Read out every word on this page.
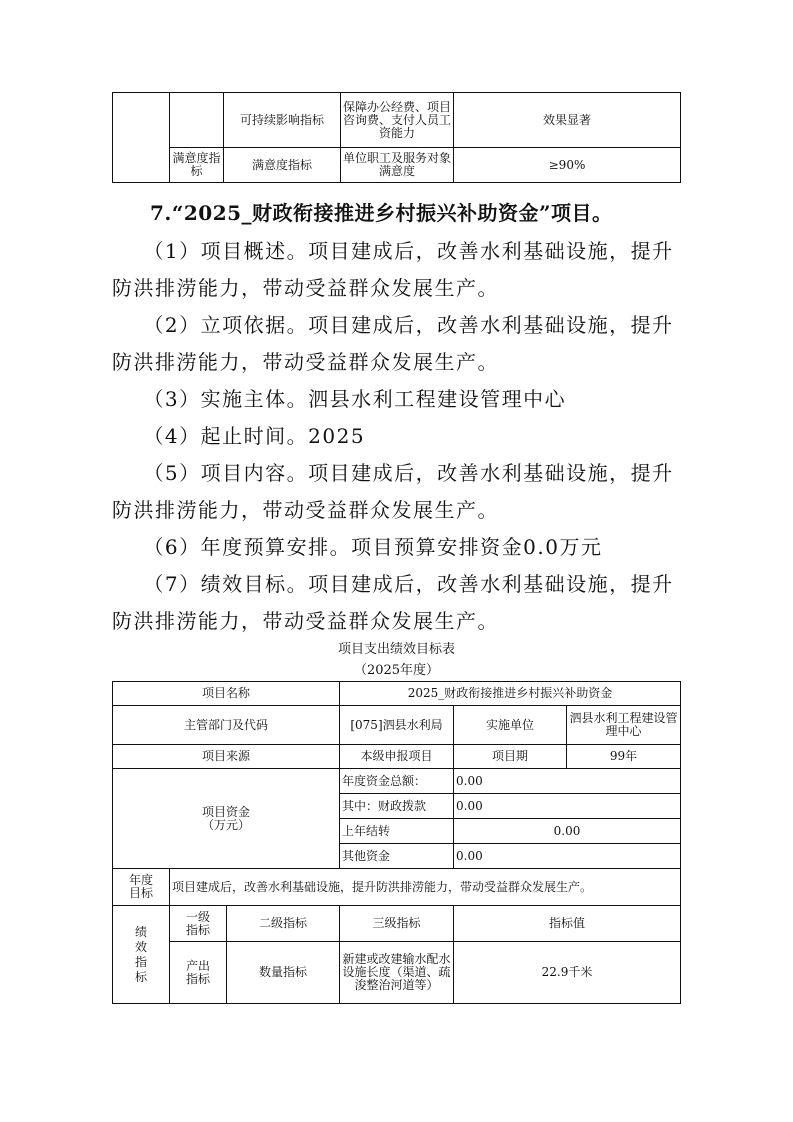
		可持续影响指标	保障办公经费、项目咨询费、支付人员工资能力	效果显著
	满意度指标	满意度指标	单位职工及服务对象满意度	≥90%
7.“2025_财政衔接推进乡村振兴补助资金”项目。

（1）项目概述。项目建成后，改善水利基础设施，提升防洪排涝能力，带动受益群众发展生产。

（2）立项依据。项目建成后，改善水利基础设施，提升防洪排涝能力，带动受益群众发展生产。

（3）实施主体。泗县水利工程建设管理中心

（4）起止时间。2025

（5）项目内容。项目建成后，改善水利基础设施，提升防洪排涝能力，带动受益群众发展生产。

（6）年度预算安排。项目预算安排资金0.0万元

（7）绩效目标。项目建成后，改善水利基础设施，提升防洪排涝能力，带动受益群众发展生产。

项目支出绩效目标表
（2025年度）
项目名称			2025_财政衔接推进乡村振兴补助资金		
主管部门及代码			[075]泗县水利局	实施单位	泗县水利工程建设管理中心
项目来源			本级申报项目	项目期	99年
项目资金（万元）			年度资金总额：	0.00	
			其中：财政拨款	0.00	
			上年结转	0.00	
			其他资金	0.00	
年度目标	项目建成后，改善水利基础设施，提升防洪排涝能力，带动受益群众发展生产。				
绩效指标	一级指标	二级指标	三级指标	指标值	
	产出指标	数量指标	新建或改建输水配水设施长度（渠道、疏浚整治河道等）	22.9千米	
